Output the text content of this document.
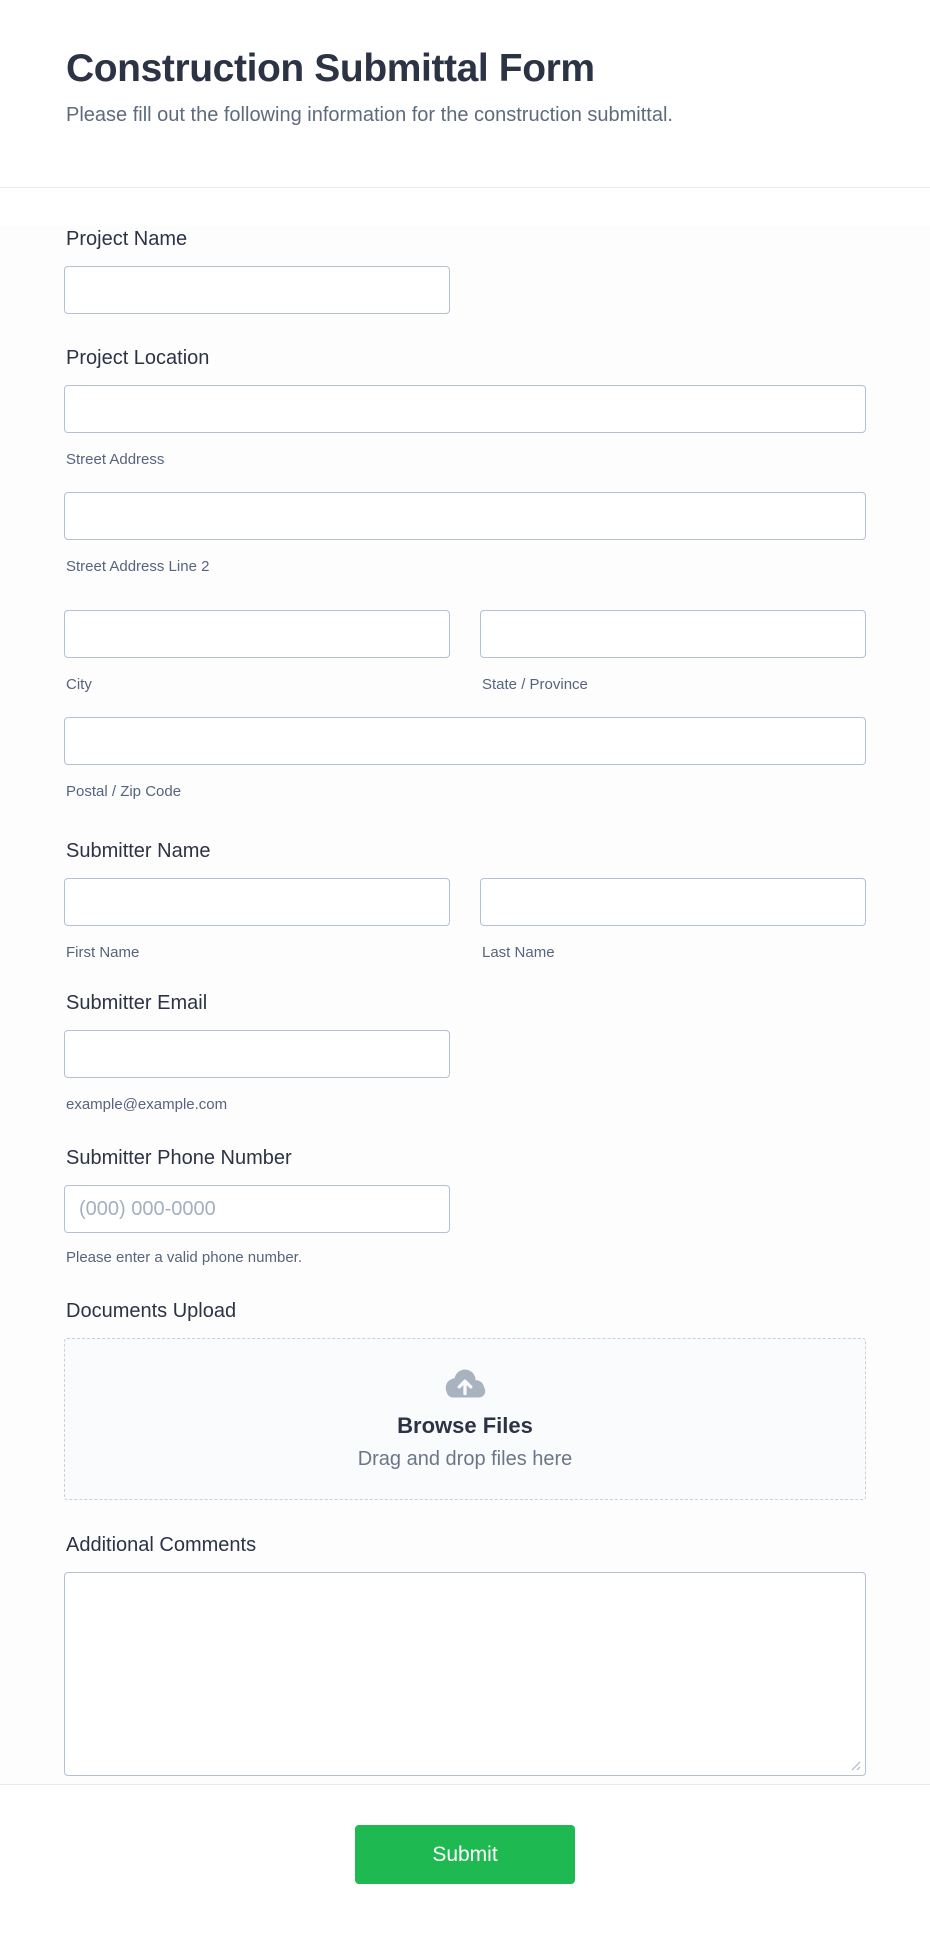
Construction Submittal Form

Please fill out the following information for the construction submittal.

Project Name
Project Location
Street Address
Street Address Line 2
City	State / Province
Postal / Zip Code
Submitter Name
First Name	Last Name
Submitter Email
example@example.com
Submitter Phone Number
(000) 000-0000
Please enter a valid phone number.
Documents Upload
Browse Files
Drag and drop files here
Additional Comments
Submit
